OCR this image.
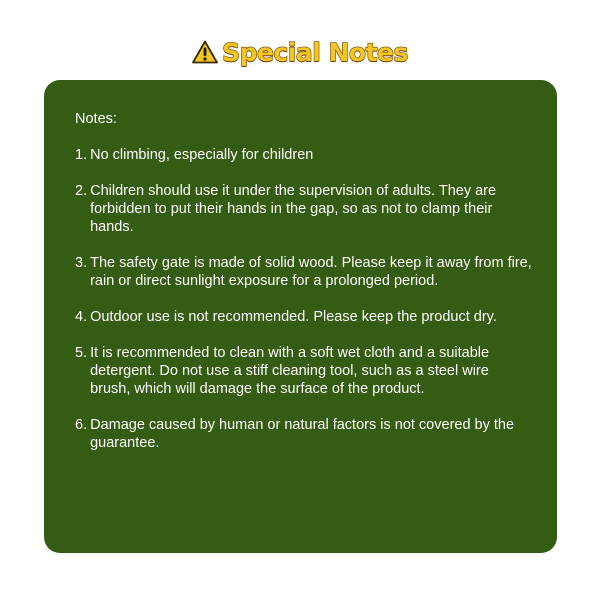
Special Notes
Notes:
1. No climbing, especially for children
2. Children should use it under the supervision of adults. They are forbidden to put their hands in the gap, so as not to clamp their hands.
3. The safety gate is made of solid wood. Please keep it away from fire, rain or direct sunlight exposure for a prolonged period.
4. Outdoor use is not recommended. Please keep the product dry.
5. It is recommended to clean with a soft wet cloth and a suitable detergent. Do not use a stiff cleaning tool, such as a steel wire brush, which will damage the surface of the product.
6. Damage caused by human or natural factors is not covered by the guarantee.
